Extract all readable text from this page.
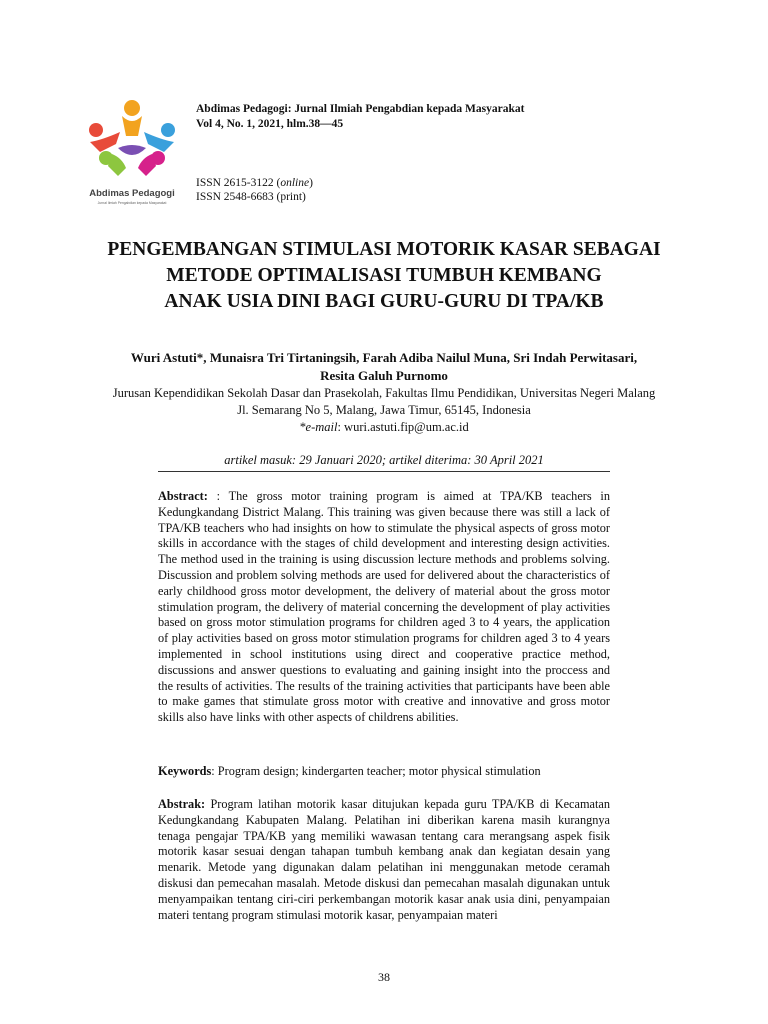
Abdimas Pedagogi
Jurnal Ilmiah Pengabdian kepada Masyarakat
Abdimas Pedagogi: Jurnal Ilmiah Pengabdian kepada Masyarakat
Vol 4, No. 1, 2021, hlm.38—45
ISSN 2615-3122 (online)
ISSN 2548-6683 (print)
PENGEMBANGAN STIMULASI MOTORIK KASAR SEBAGAI
METODE OPTIMALISASI TUMBUH KEMBANG
ANAK USIA DINI BAGI GURU-GURU DI TPA/KB
Wuri Astuti*, Munaisra Tri Tirtaningsih, Farah Adiba Nailul Muna, Sri Indah Perwitasari,
Resita Galuh Purnomo
Jurusan Kependidikan Sekolah Dasar dan Prasekolah, Fakultas Ilmu Pendidikan, Universitas Negeri Malang
Jl. Semarang No 5, Malang, Jawa Timur, 65145, Indonesia
*e-mail: wuri.astuti.fip@um.ac.id
artikel masuk: 29 Januari 2020; artikel diterima: 30 April 2021
Abstract: : The gross motor training program is aimed at TPA/KB teachers in Kedungkandang District Malang. This training was given because there was still a lack of TPA/KB teachers who had insights on how to stimulate the physical aspects of gross motor skills in accordance with the stages of child development and interesting design activities. The method used in the training is using discussion lecture methods and problems solving. Discussion and problem solving methods are used for delivered about the characteristics of early childhood gross motor development, the delivery of material about the gross motor stimulation program, the delivery of material concerning the development of play activities based on gross motor stimulation programs for children aged 3 to 4 years, the application of play activities based on gross motor stimulation programs for children aged 3 to 4 years implemented in school institutions using direct and cooperative practice method, discussions and answer questions to evaluating and gaining insight into the proccess and the results of activities. The results of the training activities that participants have been able to make games that stimulate gross motor with creative and innovative and gross motor skills also have links with other aspects of childrens abilities.
Keywords: Program design; kindergarten teacher; motor physical stimulation
Abstrak: Program latihan motorik kasar ditujukan kepada guru TPA/KB di Kecamatan Kedungkandang Kabupaten Malang. Pelatihan ini diberikan karena masih kurangnya tenaga pengajar TPA/KB yang memiliki wawasan tentang cara merangsang aspek fisik motorik kasar sesuai dengan tahapan tumbuh kembang anak dan kegiatan desain yang menarik. Metode yang digunakan dalam pelatihan ini menggunakan metode ceramah diskusi dan pemecahan masalah. Metode diskusi dan pemecahan masalah digunakan untuk menyampaikan tentang ciri-ciri perkembangan motorik kasar anak usia dini, penyampaian materi tentang program stimulasi motorik kasar, penyampaian materi
38
